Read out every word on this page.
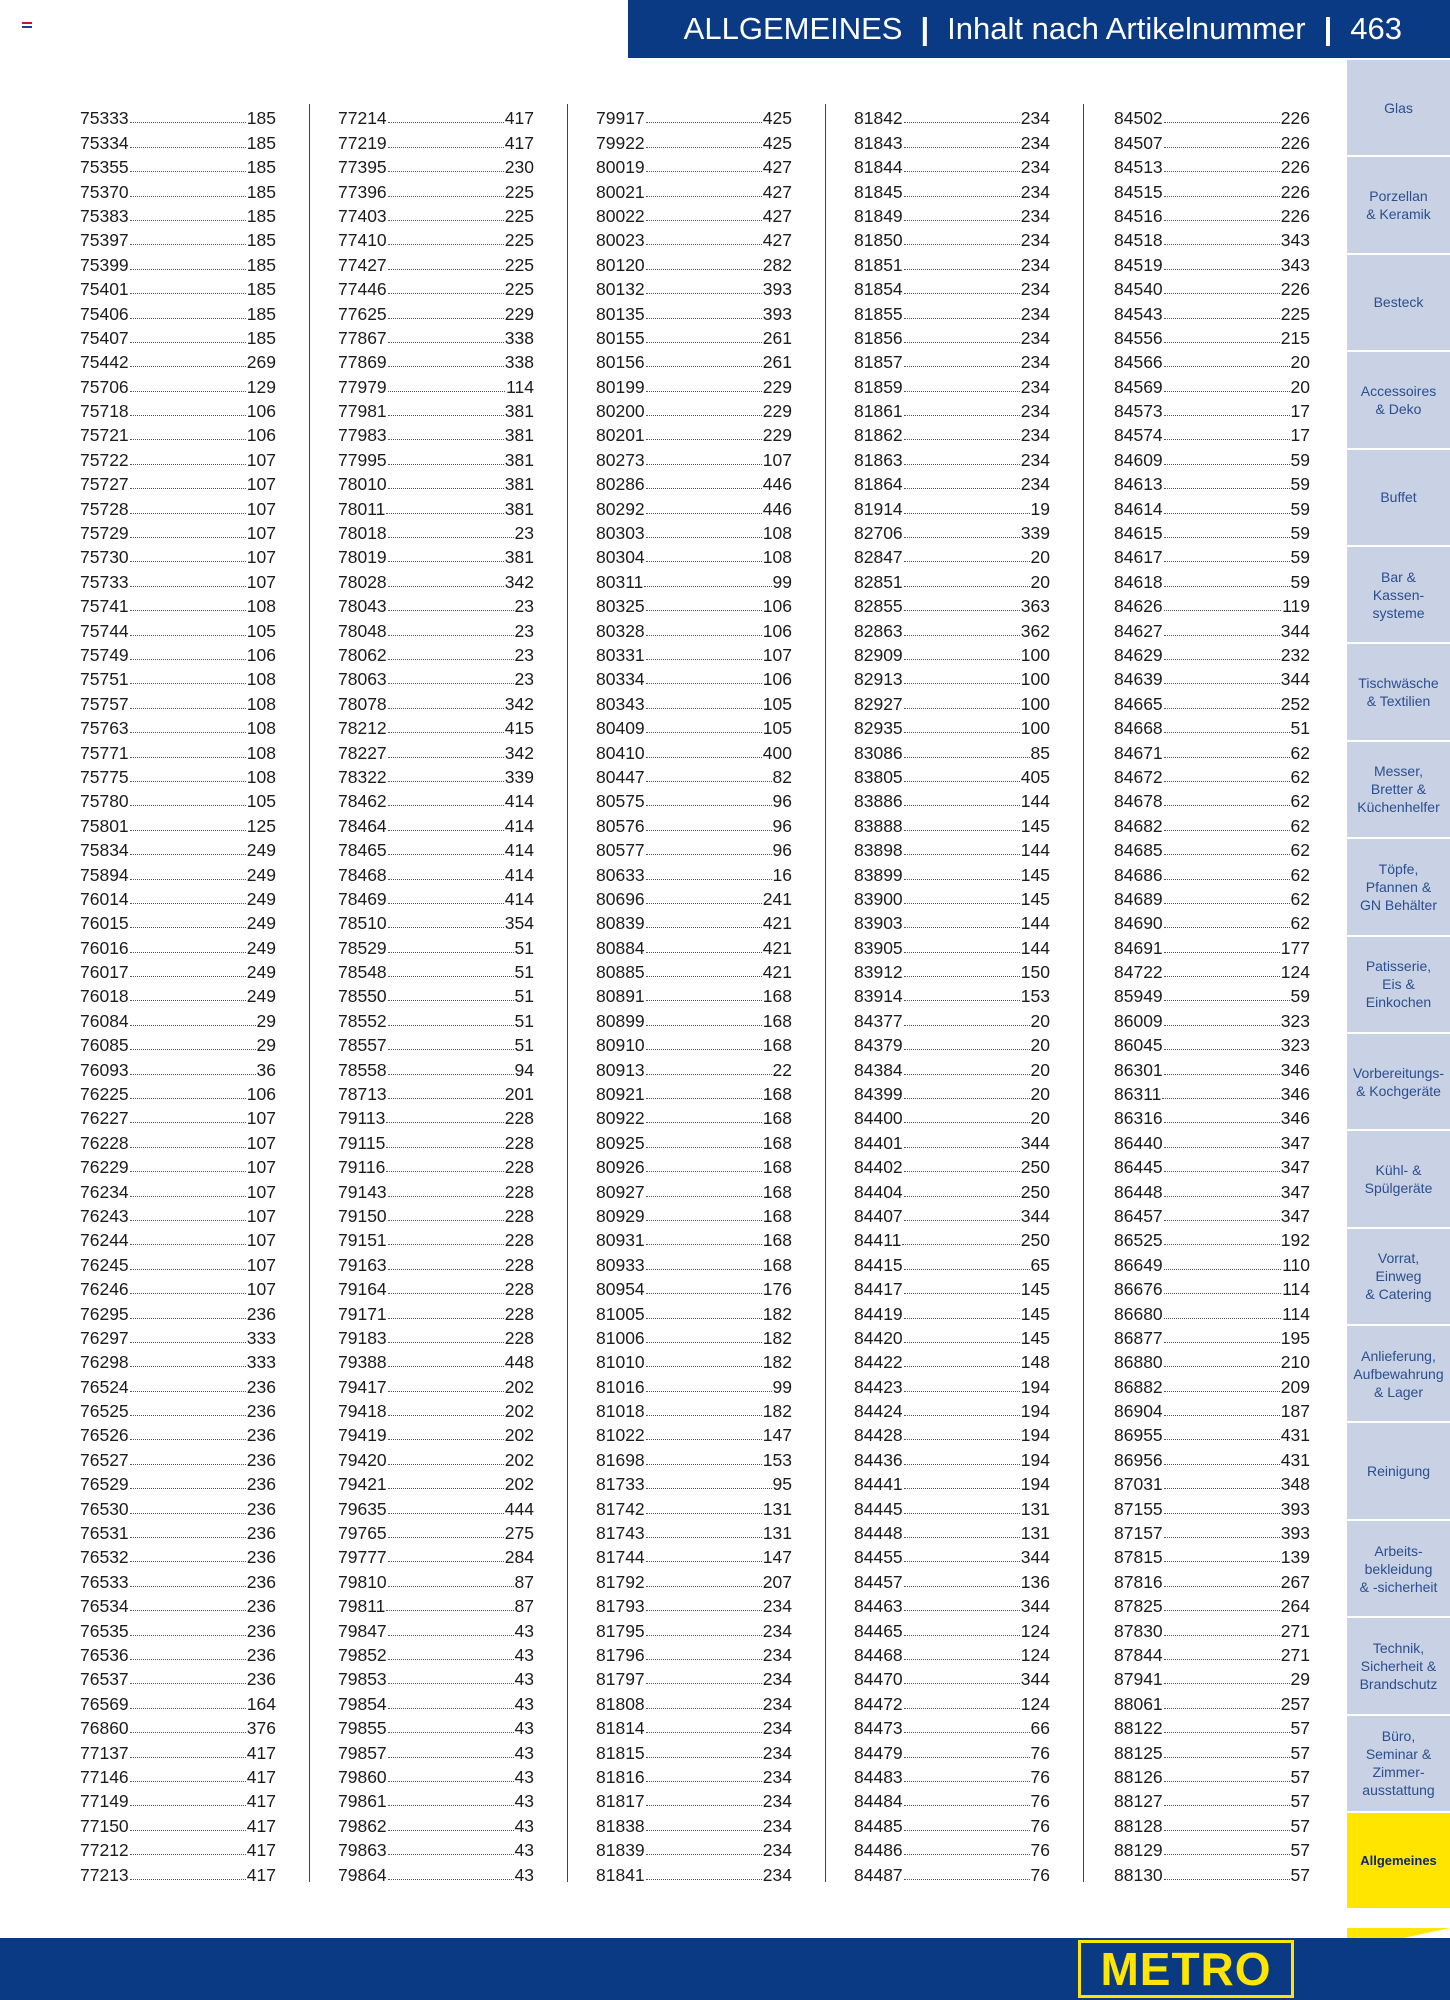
ALLGEMEINES | Inhalt nach Artikelnummer | 463
75333	185
75334	185
75355	185
75370	185
75383	185
75397	185
75399	185
75401	185
75406	185
75407	185
75442	269
75706	129
75718	106
75721	106
75722	107
75727	107
75728	107
75729	107
75730	107
75733	107
75741	108
75744	105
75749	106
75751	108
75757	108
75763	108
75771	108
75775	108
75780	105
75801	125
75834	249
75894	249
76014	249
76015	249
76016	249
76017	249
76018	249
76084	29
76085	29
76093	36
76225	106
76227	107
76228	107
76229	107
76234	107
76243	107
76244	107
76245	107
76246	107
76295	236
76297	333
76298	333
76524	236
76525	236
76526	236
76527	236
76529	236
76530	236
76531	236
76532	236
76533	236
76534	236
76535	236
76536	236
76537	236
76569	164
76860	376
77137	417
77146	417
77149	417
77150	417
77212	417
77213	417
77214	417
77219	417
77395	230
77396	225
77403	225
77410	225
77427	225
77446	225
77625	229
77867	338
77869	338
77979	114
77981	381
77983	381
77995	381
78010	381
78011	381
78018	23
78019	381
78028	342
78043	23
78048	23
78062	23
78063	23
78078	342
78212	415
78227	342
78322	339
78462	414
78464	414
78465	414
78468	414
78469	414
78510	354
78529	51
78548	51
78550	51
78552	51
78557	51
78558	94
78713	201
79113	228
79115	228
79116	228
79143	228
79150	228
79151	228
79163	228
79164	228
79171	228
79183	228
79388	448
79417	202
79418	202
79419	202
79420	202
79421	202
79635	444
79765	275
79777	284
79810	87
79811	87
79847	43
79852	43
79853	43
79854	43
79855	43
79857	43
79860	43
79861	43
79862	43
79863	43
79864	43
79917	425
79922	425
80019	427
80021	427
80022	427
80023	427
80120	282
80132	393
80135	393
80155	261
80156	261
80199	229
80200	229
80201	229
80273	107
80286	446
80292	446
80303	108
80304	108
80311	99
80325	106
80328	106
80331	107
80334	106
80343	105
80409	105
80410	400
80447	82
80575	96
80576	96
80577	96
80633	16
80696	241
80839	421
80884	421
80885	421
80891	168
80899	168
80910	168
80913	22
80921	168
80922	168
80925	168
80926	168
80927	168
80929	168
80931	168
80933	168
80954	176
81005	182
81006	182
81010	182
81016	99
81018	182
81022	147
81698	153
81733	95
81742	131
81743	131
81744	147
81792	207
81793	234
81795	234
81796	234
81797	234
81808	234
81814	234
81815	234
81816	234
81817	234
81838	234
81839	234
81841	234
81842	234
81843	234
81844	234
81845	234
81849	234
81850	234
81851	234
81854	234
81855	234
81856	234
81857	234
81859	234
81861	234
81862	234
81863	234
81864	234
81914	19
82706	339
82847	20
82851	20
82855	363
82863	362
82909	100
82913	100
82927	100
82935	100
83086	85
83805	405
83886	144
83888	145
83898	144
83899	145
83900	145
83903	144
83905	144
83912	150
83914	153
84377	20
84379	20
84384	20
84399	20
84400	20
84401	344
84402	250
84404	250
84407	344
84411	250
84415	65
84417	145
84419	145
84420	145
84422	148
84423	194
84424	194
84428	194
84436	194
84441	194
84445	131
84448	131
84455	344
84457	136
84463	344
84465	124
84468	124
84470	344
84472	124
84473	66
84479	76
84483	76
84484	76
84485	76
84486	76
84487	76
84502	226
84507	226
84513	226
84515	226
84516	226
84518	343
84519	343
84540	226
84543	225
84556	215
84566	20
84569	20
84573	17
84574	17
84609	59
84613	59
84614	59
84615	59
84617	59
84618	59
84626	119
84627	344
84629	232
84639	344
84665	252
84668	51
84671	62
84672	62
84678	62
84682	62
84685	62
84686	62
84689	62
84690	62
84691	177
84722	124
85949	59
86009	323
86045	323
86301	346
86311	346
86316	346
86440	347
86445	347
86448	347
86457	347
86525	192
86649	110
86676	114
86680	114
86877	195
86880	210
86882	209
86904	187
86955	431
86956	431
87031	348
87155	393
87157	393
87815	139
87816	267
87825	264
87830	271
87844	271
87941	29
88061	257
88122	57
88125	57
88126	57
88127	57
88128	57
88129	57
88130	57
Glas
Porzellan
& Keramik
Besteck
Accessoires
& Deko
Buffet
Bar &
Kassen-
systeme
Tischwäsche
& Textilien
Messer,
Bretter &
Küchenhelfer
Töpfe,
Pfannen &
GN Behälter
Patisserie,
Eis &
Einkochen
Vorbereitungs-
& Kochgeräte
Kühl- &
Spülgeräte
Vorrat,
Einweg
& Catering
Anlieferung,
Aufbewahrung
& Lager
Reinigung
Arbeits-
bekleidung
& -sicherheit
Technik,
Sicherheit &
Brandschutz
Büro,
Seminar &
Zimmer-
ausstattung
Allgemeines
METRO
